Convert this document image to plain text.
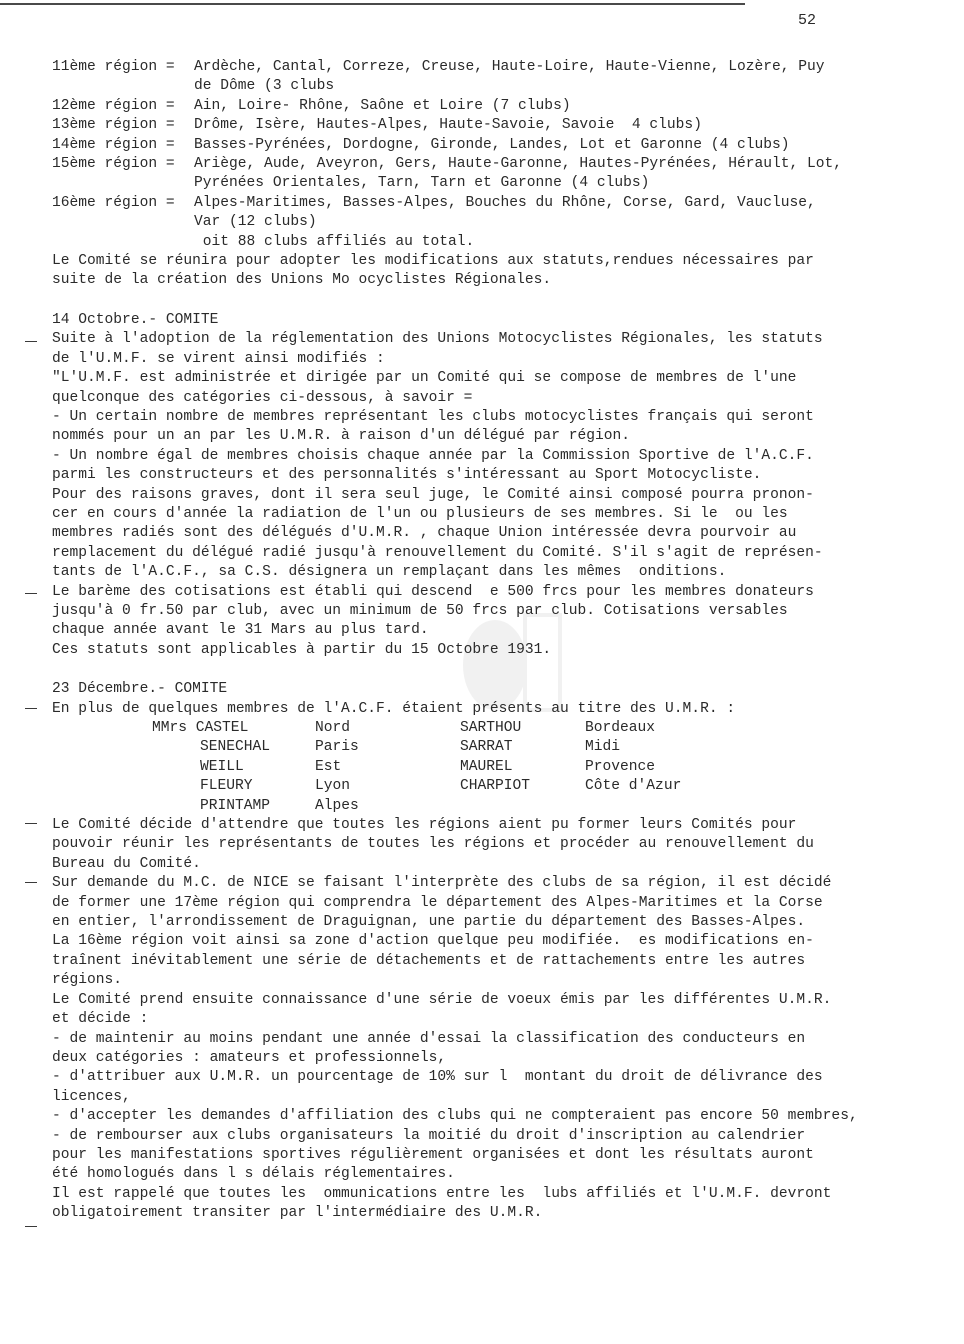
52
11ème région = Ardèche, Cantal, Correze, Creuse, Haute-Loire, Haute-Vienne, Lozère, Puy
de Dôme (3 clubs
12ème région = Ain, Loire- Rhône, Saône et Loire (7 clubs)
13ème région = Drôme, Isère, Hautes-Alpes, Haute-Savoie, Savoie  4 clubs)
14ème région = Basses-Pyrénées, Dordogne, Gironde, Landes, Lot et Garonne (4 clubs)
15ème région = Ariège, Aude, Aveyron, Gers, Haute-Garonne, Hautes-Pyrénées, Hérault, Lot,
Pyrénées Orientales, Tarn, Tarn et Garonne (4 clubs)
16ème région = Alpes-Maritimes, Basses-Alpes, Bouches du Rhône, Corse, Gard, Vaucluse,
Var (12 clubs)
oit 88 clubs affiliés au total.
Le Comité se réunira pour adopter les modifications aux statuts,rendues nécessaires par
suite de la création des Unions Mo ocyclistes Régionales.
14 Octobre.- COMITE
Suite à l'adoption de la réglementation des Unions Motocyclistes Régionales, les statuts
de l'U.M.F. se virent ainsi modifiés :
"L'U.M.F. est administrée et dirigée par un Comité qui se compose de membres de l'une
quelconque des catégories ci-dessous, à savoir =
- Un certain nombre de membres représentant les clubs motocyclistes français qui seront
nommés pour un an par les U.M.R. à raison d'un délégué par région.
- Un nombre égal de membres choisis chaque année par la Commission Sportive de l'A.C.F.
parmi les constructeurs et des personnalités s'intéressant au Sport Motocycliste.
Pour des raisons graves, dont il sera seul juge, le Comité ainsi composé pourra pronon-
cer en cours d'année la radiation de l'un ou plusieurs de ses membres. Si le  ou les
membres radiés sont des délégués d'U.M.R. , chaque Union intéressée devra pourvoir au
remplacement du délégué radié jusqu'à renouvellement du Comité. S'il s'agit de représen-
tants de l'A.C.F., sa C.S. désignera un remplaçant dans les mêmes  onditions.
Le barème des cotisations est établi qui descend  e 500 frcs pour les membres donateurs
jusqu'à 0 fr.50 par club, avec un minimum de 50 frcs par club. Cotisations versables
chaque année avant le 31 Mars au plus tard.
Ces statuts sont applicables à partir du 15 Octobre 1931.
23 Décembre.- COMITE
En plus de quelques membres de l'A.C.F. étaient présents au titre des U.M.R. :
MMrs CASTEL	Nord	SARTHOU	Bordeaux
SENECHAL	Paris	SARRAT	Midi
WEILL	Est	MAUREL	Provence
FLEURY	Lyon	CHARPIOT	Côte d'Azur
PRINTAMP	Alpes
Le Comité décide d'attendre que toutes les régions aient pu former leurs Comités pour
pouvoir réunir les représentants de toutes les régions et procéder au renouvellement du
Bureau du Comité.
Sur demande du M.C. de NICE se faisant l'interprète des clubs de sa région, il est décidé
de former une 17ème région qui comprendra le département des Alpes-Maritimes et la Corse
en entier, l'arrondissement de Draguignan, une partie du département des Basses-Alpes.
La 16ème région voit ainsi sa zone d'action quelque peu modifiée.  es modifications en-
traînent inévitablement une série de détachements et de rattachements entre les autres
régions.
Le Comité prend ensuite connaissance d'une série de voeux émis par les différentes U.M.R.
et décide :
- de maintenir au moins pendant une année d'essai la classification des conducteurs en
deux catégories : amateurs et professionnels,
- d'attribuer aux U.M.R. un pourcentage de 10% sur l  montant du droit de délivrance des
licences,
- d'accepter les demandes d'affiliation des clubs qui ne compteraient pas encore 50 membres,
- de rembourser aux clubs organisateurs la moitié du droit d'inscription au calendrier
pour les manifestations sportives régulièrement organisées et dont les résultats auront
été homologués dans l s délais réglementaires.
Il est rappelé que toutes les  ommunications entre les  lubs affiliés et l'U.M.F. devront
obligatoirement transiter par l'intermédiaire des U.M.R.
